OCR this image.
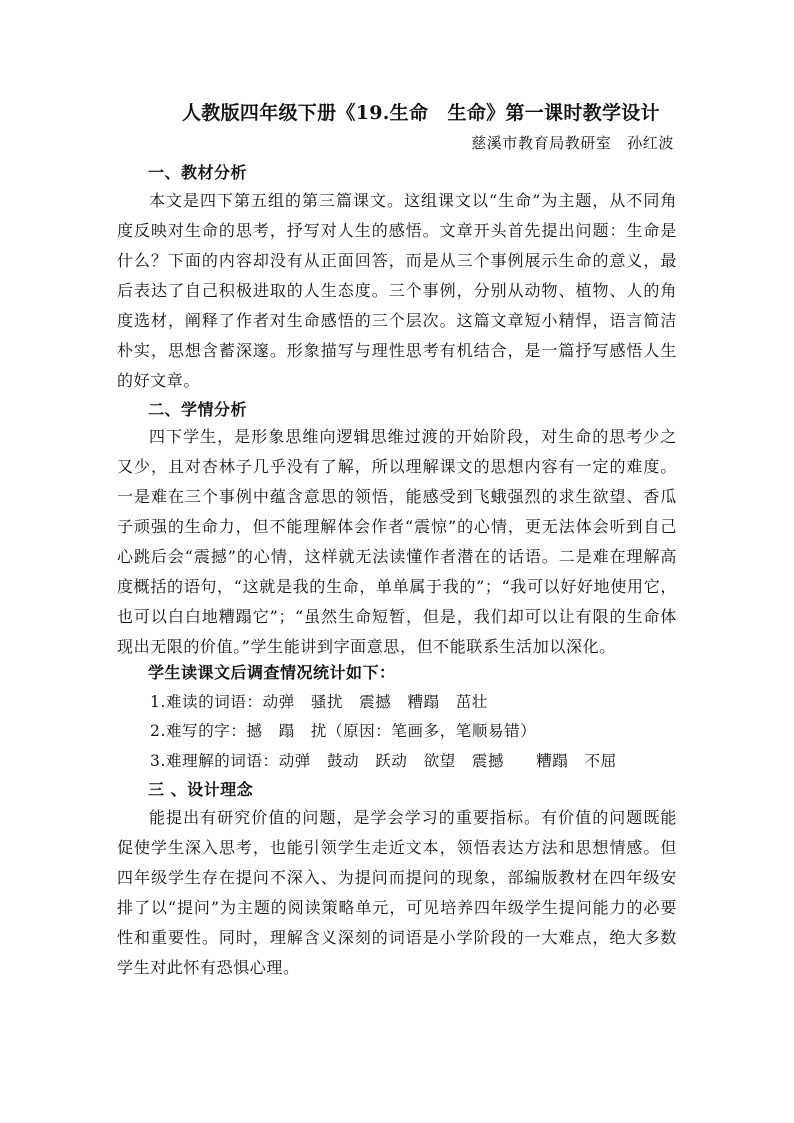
人教版四年级下册《19.生命　生命》第一课时教学设计
慈溪市教育局教研室　孙红波
一、教材分析

本文是四下第五组的第三篇课文。这组课文以“生命”为主题，从不同角度反映对生命的思考，抒写对人生的感悟。文章开头首先提出问题：生命是什么？下面的内容却没有从正面回答，而是从三个事例展示生命的意义，最后表达了自己积极进取的人生态度。三个事例，分别从动物、植物、人的角度选材，阐释了作者对生命感悟的三个层次。这篇文章短小精悍，语言简洁朴实，思想含蓄深邃。形象描写与理性思考有机结合，是一篇抒写感悟人生的好文章。

二、学情分析

四下学生，是形象思维向逻辑思维过渡的开始阶段，对生命的思考少之又少，且对杏林子几乎没有了解，所以理解课文的思想内容有一定的难度。一是难在三个事例中蕴含意思的领悟，能感受到飞蛾强烈的求生欲望、香瓜子顽强的生命力，但不能理解体会作者“震惊”的心情，更无法体会听到自己心跳后会“震撼”的心情，这样就无法读懂作者潜在的话语。二是难在理解高度概括的语句，“这就是我的生命，单单属于我的”；“我可以好好地使用它，也可以白白地糟蹋它”；“虽然生命短暂，但是，我们却可以让有限的生命体现出无限的价值。”学生能讲到字面意思，但不能联系生活加以深化。

学生读课文后调查情况统计如下：
1.难读的词语：动弹　骚扰　震撼　糟蹋　茁壮
2.难写的字：撼　蹋　扰（原因：笔画多，笔顺易错）
3.难理解的词语：动弹　鼓动　跃动　欲望　震撼　　糟蹋　不屈
三 、设计理念

能提出有研究价值的问题，是学会学习的重要指标。有价值的问题既能促使学生深入思考，也能引领学生走近文本，领悟表达方法和思想情感。但四年级学生存在提问不深入、为提问而提问的现象，部编版教材在四年级安排了以“提问”为主题的阅读策略单元，可见培养四年级学生提问能力的必要性和重要性。同时，理解含义深刻的词语是小学阶段的一大难点，绝大多数学生对此怀有恐惧心理。
